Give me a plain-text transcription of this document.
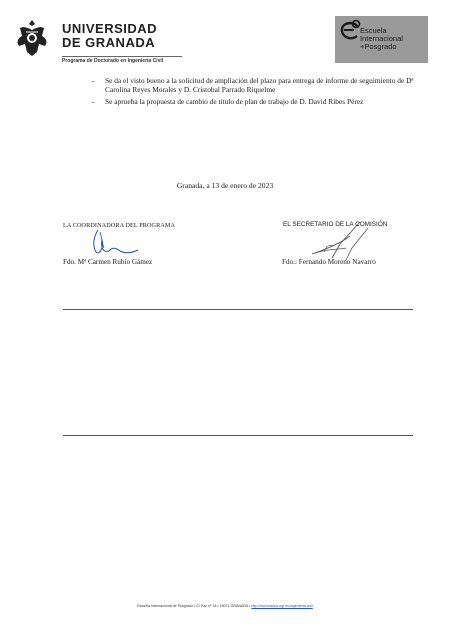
UNIVERSIDAD
DE GRANADA
Programa de Doctorado en Ingeniería Civil
Escuela
Internacional
+Posgrado
- Se da el visto bueno a la solicitud de ampliación del plazo para entrega de informe de seguimiento de Dª Carolina Reyes Morales y D. Cristobal Parrado Riquelme
- Se aprueba la propuesta de cambio de título de plan de trabajo de D. David Ribes Pérez
Granada, a 13 de enero de 2023
LA COORDINADORA DEL PROGRAMA
Fdo. Mª Carmen Rubio Gámez
EL SECRETARIO DE LA COMISIÓN
Fdo.: Fernando Moreno Navarro
Escuela Internacional de Posgrado • C/ Paz nº 18 • 18071 GRANADA • http://doctorados.ugr.es/ingenieria-civil
